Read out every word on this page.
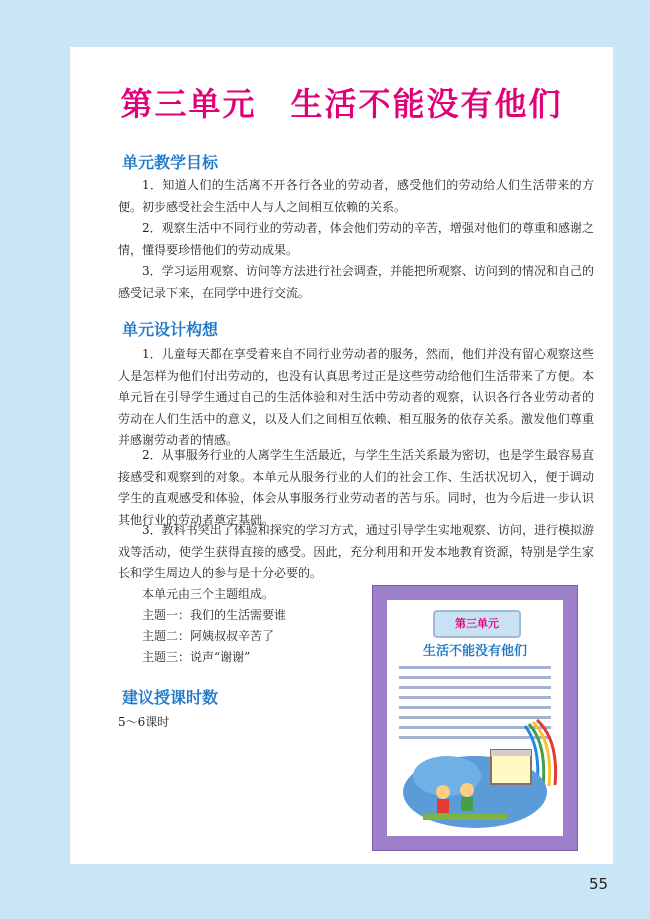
第三单元　生活不能没有他们
单元教学目标

1．知道人们的生活离不开各行各业的劳动者，感受他们的劳动给人们生活带来的方便。初步感受社会生活中人与人之间相互依赖的关系。

2．观察生活中不同行业的劳动者，体会他们劳动的辛苦，增强对他们的尊重和感谢之情，懂得要珍惜他们的劳动成果。

3．学习运用观察、访问等方法进行社会调查，并能把所观察、访问到的情况和自己的感受记录下来，在同学中进行交流。

单元设计构想

1．儿童每天都在享受着来自不同行业劳动者的服务，然而，他们并没有留心观察这些人是怎样为他们付出劳动的，也没有认真思考过正是这些劳动给他们生活带来了方便。本单元旨在引导学生通过自己的生活体验和对生活中劳动者的观察，认识各行各业劳动者的劳动在人们生活中的意义，以及人们之间相互依赖、相互服务的依存关系。激发他们尊重并感谢劳动者的情感。

2．从事服务行业的人离学生生活最近，与学生生活关系最为密切，也是学生最容易直接感受和观察到的对象。本单元从服务行业的人们的社会工作、生活状况切入，便于调动学生的直观感受和体验，体会从事服务行业劳动者的苦与乐。同时，也为今后进一步认识其他行业的劳动者奠定基础。

3．教科书突出了体验和探究的学习方式，通过引导学生实地观察、访问，进行模拟游戏等活动，使学生获得直接的感受。因此，充分利用和开发本地教育资源，特别是学生家长和学生周边人的参与是十分必要的。

本单元由三个主题组成。

主题一：我们的生活需要谁

主题二：阿姨叔叔辛苦了

主题三：说声“谢谢”

建议授课时数

5～6课时

第三单元
生活不能没有他们
55
